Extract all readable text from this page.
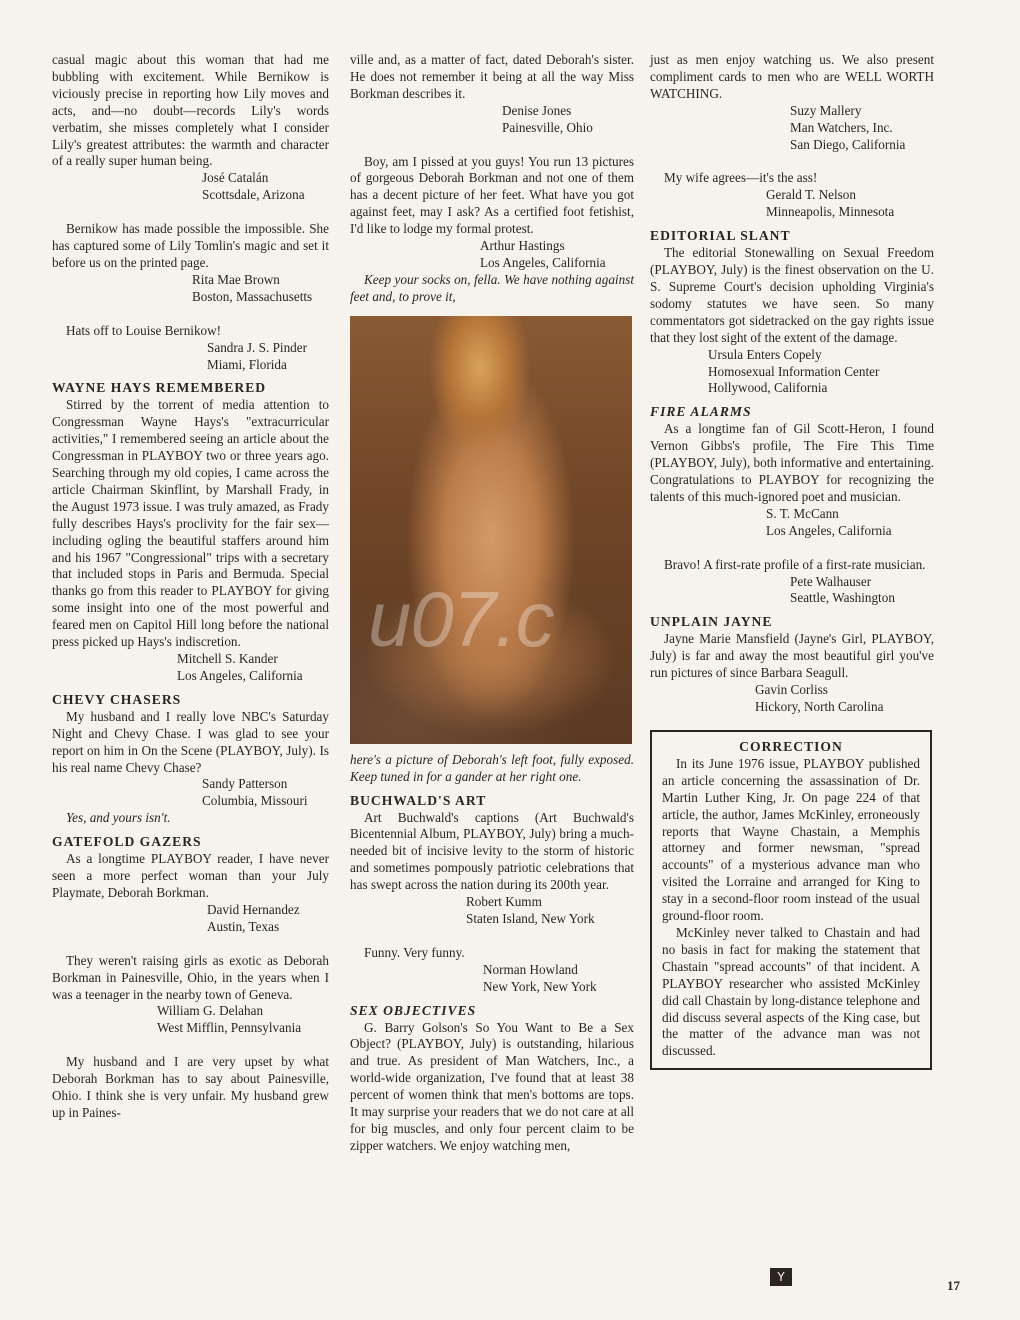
casual magic about this woman that had me bubbling with excitement. While Bernikow is viciously precise in reporting how Lily moves and acts, and—no doubt—records Lily's words verbatim, she misses completely what I consider Lily's greatest attributes: the warmth and character of a really super human being.

José Catalán
Scottsdale, Arizona

Bernikow has made possible the impossible. She has captured some of Lily Tomlin's magic and set it before us on the printed page.

Rita Mae Brown
Boston, Massachusetts

Hats off to Louise Bernikow!

Sandra J. S. Pinder
Miami, Florida
WAYNE HAYS REMEMBERED

Stirred by the torrent of media attention to Congressman Wayne Hays's "extracurricular activities," I remembered seeing an article about the Congressman in PLAYBOY two or three years ago. Searching through my old copies, I came across the article Chairman Skinflint, by Marshall Frady, in the August 1973 issue. I was truly amazed, as Frady fully describes Hays's proclivity for the fair sex—including ogling the beautiful staffers around him and his 1967 "Congressional" trips with a secretary that included stops in Paris and Bermuda. Special thanks go from this reader to PLAYBOY for giving some insight into one of the most powerful and feared men on Capitol Hill long before the national press picked up Hays's indiscretion.

Mitchell S. Kander
Los Angeles, California
CHEVY CHASERS

My husband and I really love NBC's Saturday Night and Chevy Chase. I was glad to see your report on him in On the Scene (PLAYBOY, July). Is his real name Chevy Chase?

Sandy Patterson
Columbia, Missouri

Yes, and yours isn't.

GATEFOLD GAZERS

As a longtime PLAYBOY reader, I have never seen a more perfect woman than your July Playmate, Deborah Borkman.

David Hernandez
Austin, Texas

They weren't raising girls as exotic as Deborah Borkman in Painesville, Ohio, in the years when I was a teenager in the nearby town of Geneva.

William G. Delahan
West Mifflin, Pennsylvania

My husband and I are very upset by what Deborah Borkman has to say about Painesville, Ohio. I think she is very unfair. My husband grew up in Paines-

ville and, as a matter of fact, dated Deborah's sister. He does not remember it being at all the way Miss Borkman describes it.

Denise Jones
Painesville, Ohio

Boy, am I pissed at you guys! You run 13 pictures of gorgeous Deborah Borkman and not one of them has a decent picture of her feet. What have you got against feet, may I ask? As a certified foot fetishist, I'd like to lodge my formal protest.

Arthur Hastings
Los Angeles, California

Keep your socks on, fella. We have nothing against feet and, to prove it,

u07.c

here's a picture of Deborah's left foot, fully exposed. Keep tuned in for a gander at her right one.

BUCHWALD'S ART

Art Buchwald's captions (Art Buchwald's Bicentennial Album, PLAYBOY, July) bring a much-needed bit of incisive levity to the storm of historic and sometimes pompously patriotic celebrations that has swept across the nation during its 200th year.

Robert Kumm
Staten Island, New York

Funny. Very funny.

Norman Howland
New York, New York
SEX OBJECTIVES

G. Barry Golson's So You Want to Be a Sex Object? (PLAYBOY, July) is outstanding, hilarious and true. As president of Man Watchers, Inc., a world-wide organization, I've found that at least 38 percent of women think that men's bottoms are tops. It may surprise your readers that we do not care at all for big muscles, and only four percent claim to be zipper watchers. We enjoy watching men,

just as men enjoy watching us. We also present compliment cards to men who are WELL WORTH WATCHING.

Suzy Mallery
Man Watchers, Inc.
San Diego, California

My wife agrees—it's the ass!

Gerald T. Nelson
Minneapolis, Minnesota
EDITORIAL SLANT

The editorial Stonewalling on Sexual Freedom (PLAYBOY, July) is the finest observation on the U. S. Supreme Court's decision upholding Virginia's sodomy statutes we have seen. So many commentators got sidetracked on the gay rights issue that they lost sight of the extent of the damage.

Ursula Enters Copely
Homosexual Information Center
Hollywood, California
FIRE ALARMS

As a longtime fan of Gil Scott-Heron, I found Vernon Gibbs's profile, The Fire This Time (PLAYBOY, July), both informative and entertaining. Congratulations to PLAYBOY for recognizing the talents of this much-ignored poet and musician.

S. T. McCann
Los Angeles, California

Bravo! A first-rate profile of a first-rate musician.

Pete Walhauser
Seattle, Washington
UNPLAIN JAYNE

Jayne Marie Mansfield (Jayne's Girl, PLAYBOY, July) is far and away the most beautiful girl you've run pictures of since Barbara Seagull.

Gavin Corliss
Hickory, North Carolina
CORRECTION

In its June 1976 issue, PLAYBOY published an article concerning the assassination of Dr. Martin Luther King, Jr. On page 224 of that article, the author, James McKinley, erroneously reports that Wayne Chastain, a Memphis attorney and former newsman, "spread accounts" of a mysterious advance man who visited the Lorraine and arranged for King to stay in a second-floor room instead of the usual ground-floor room.

McKinley never talked to Chastain and had no basis in fact for making the statement that Chastain "spread accounts" of that incident. A PLAYBOY researcher who assisted McKinley did call Chastain by long-distance telephone and did discuss several aspects of the King case, but the matter of the advance man was not discussed.

Y
17
